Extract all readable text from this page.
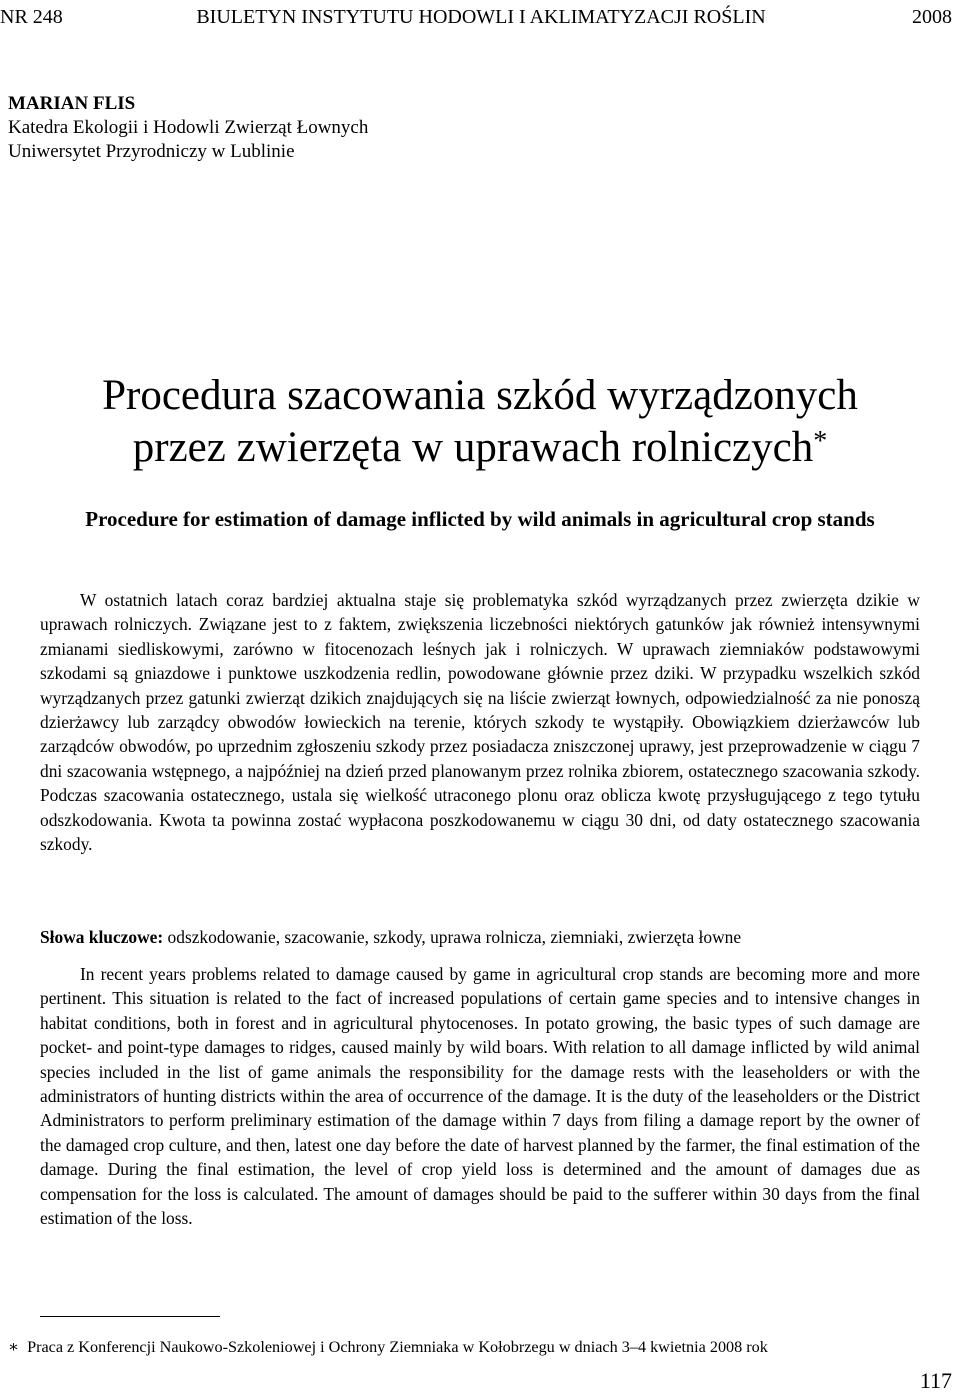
NR 248	BIULETYN INSTYTUTU HODOWLI I AKLIMATYZACJI ROŚLIN	2008
MARIAN FLIS
Katedra Ekologii i Hodowli Zwierząt Łownych
Uniwersytet Przyrodniczy w Lublinie
Procedura szacowania szkód wyrządzonych
przez zwierzęta w uprawach rolniczych*
Procedure for estimation of damage inflicted by wild animals in agricultural crop stands

W ostatnich latach coraz bardziej aktualna staje się problematyka szkód wyrządzanych przez zwierzęta dzikie w uprawach rolniczych. Związane jest to z faktem, zwiększenia liczebności niektórych gatunków jak również intensywnymi zmianami siedliskowymi, zarówno w fitocenozach leśnych jak i rolniczych. W uprawach ziemniaków podstawowymi szkodami są gniazdowe i punktowe uszkodzenia redlin, powodowane głównie przez dziki. W przypadku wszelkich szkód wyrządzanych przez gatunki zwierząt dzikich znajdujących się na liście zwierząt łownych, odpowiedzialność za nie ponoszą dzierżawcy lub zarządcy obwodów łowieckich na terenie, których szkody te wystąpiły. Obowiązkiem dzierżawców lub zarządców obwodów, po uprzednim zgłoszeniu szkody przez posiadacza zniszczonej uprawy, jest przeprowadzenie w ciągu 7 dni szacowania wstępnego, a najpóźniej na dzień przed planowanym przez rolnika zbiorem, ostatecznego szacowania szkody. Podczas szacowania ostatecznego, ustala się wielkość utraconego plonu oraz oblicza kwotę przysługującego z tego tytułu odszkodowania. Kwota ta powinna zostać wypłacona poszkodowanemu w ciągu 30 dni, od daty ostatecznego szacowania szkody.

Słowa kluczowe: odszkodowanie, szacowanie, szkody, uprawa rolnicza, ziemniaki, zwierzęta łowne

In recent years problems related to damage caused by game in agricultural crop stands are becoming more and more pertinent. This situation is related to the fact of increased populations of certain game species and to intensive changes in habitat conditions, both in forest and in agricultural phytocenoses. In potato growing, the basic types of such damage are pocket- and point-type damages to ridges, caused mainly by wild boars. With relation to all damage inflicted by wild animal species included in the list of game animals the responsibility for the damage rests with the leaseholders or with the administrators of hunting districts within the area of occurrence of the damage. It is the duty of the leaseholders or the District Administrators to perform preliminary estimation of the damage within 7 days from filing a damage report by the owner of the damaged crop culture, and then, latest one day before the date of harvest planned by the farmer, the final estimation of the damage. During the final estimation, the level of crop yield loss is determined and the amount of damages due as compensation for the loss is calculated. The amount of damages should be paid to the sufferer within 30 days from the final estimation of the loss.

∗ Praca z Konferencji Naukowo-Szkoleniowej i Ochrony Ziemniaka w Kołobrzegu w dniach 3–4 kwietnia 2008 rok
117
